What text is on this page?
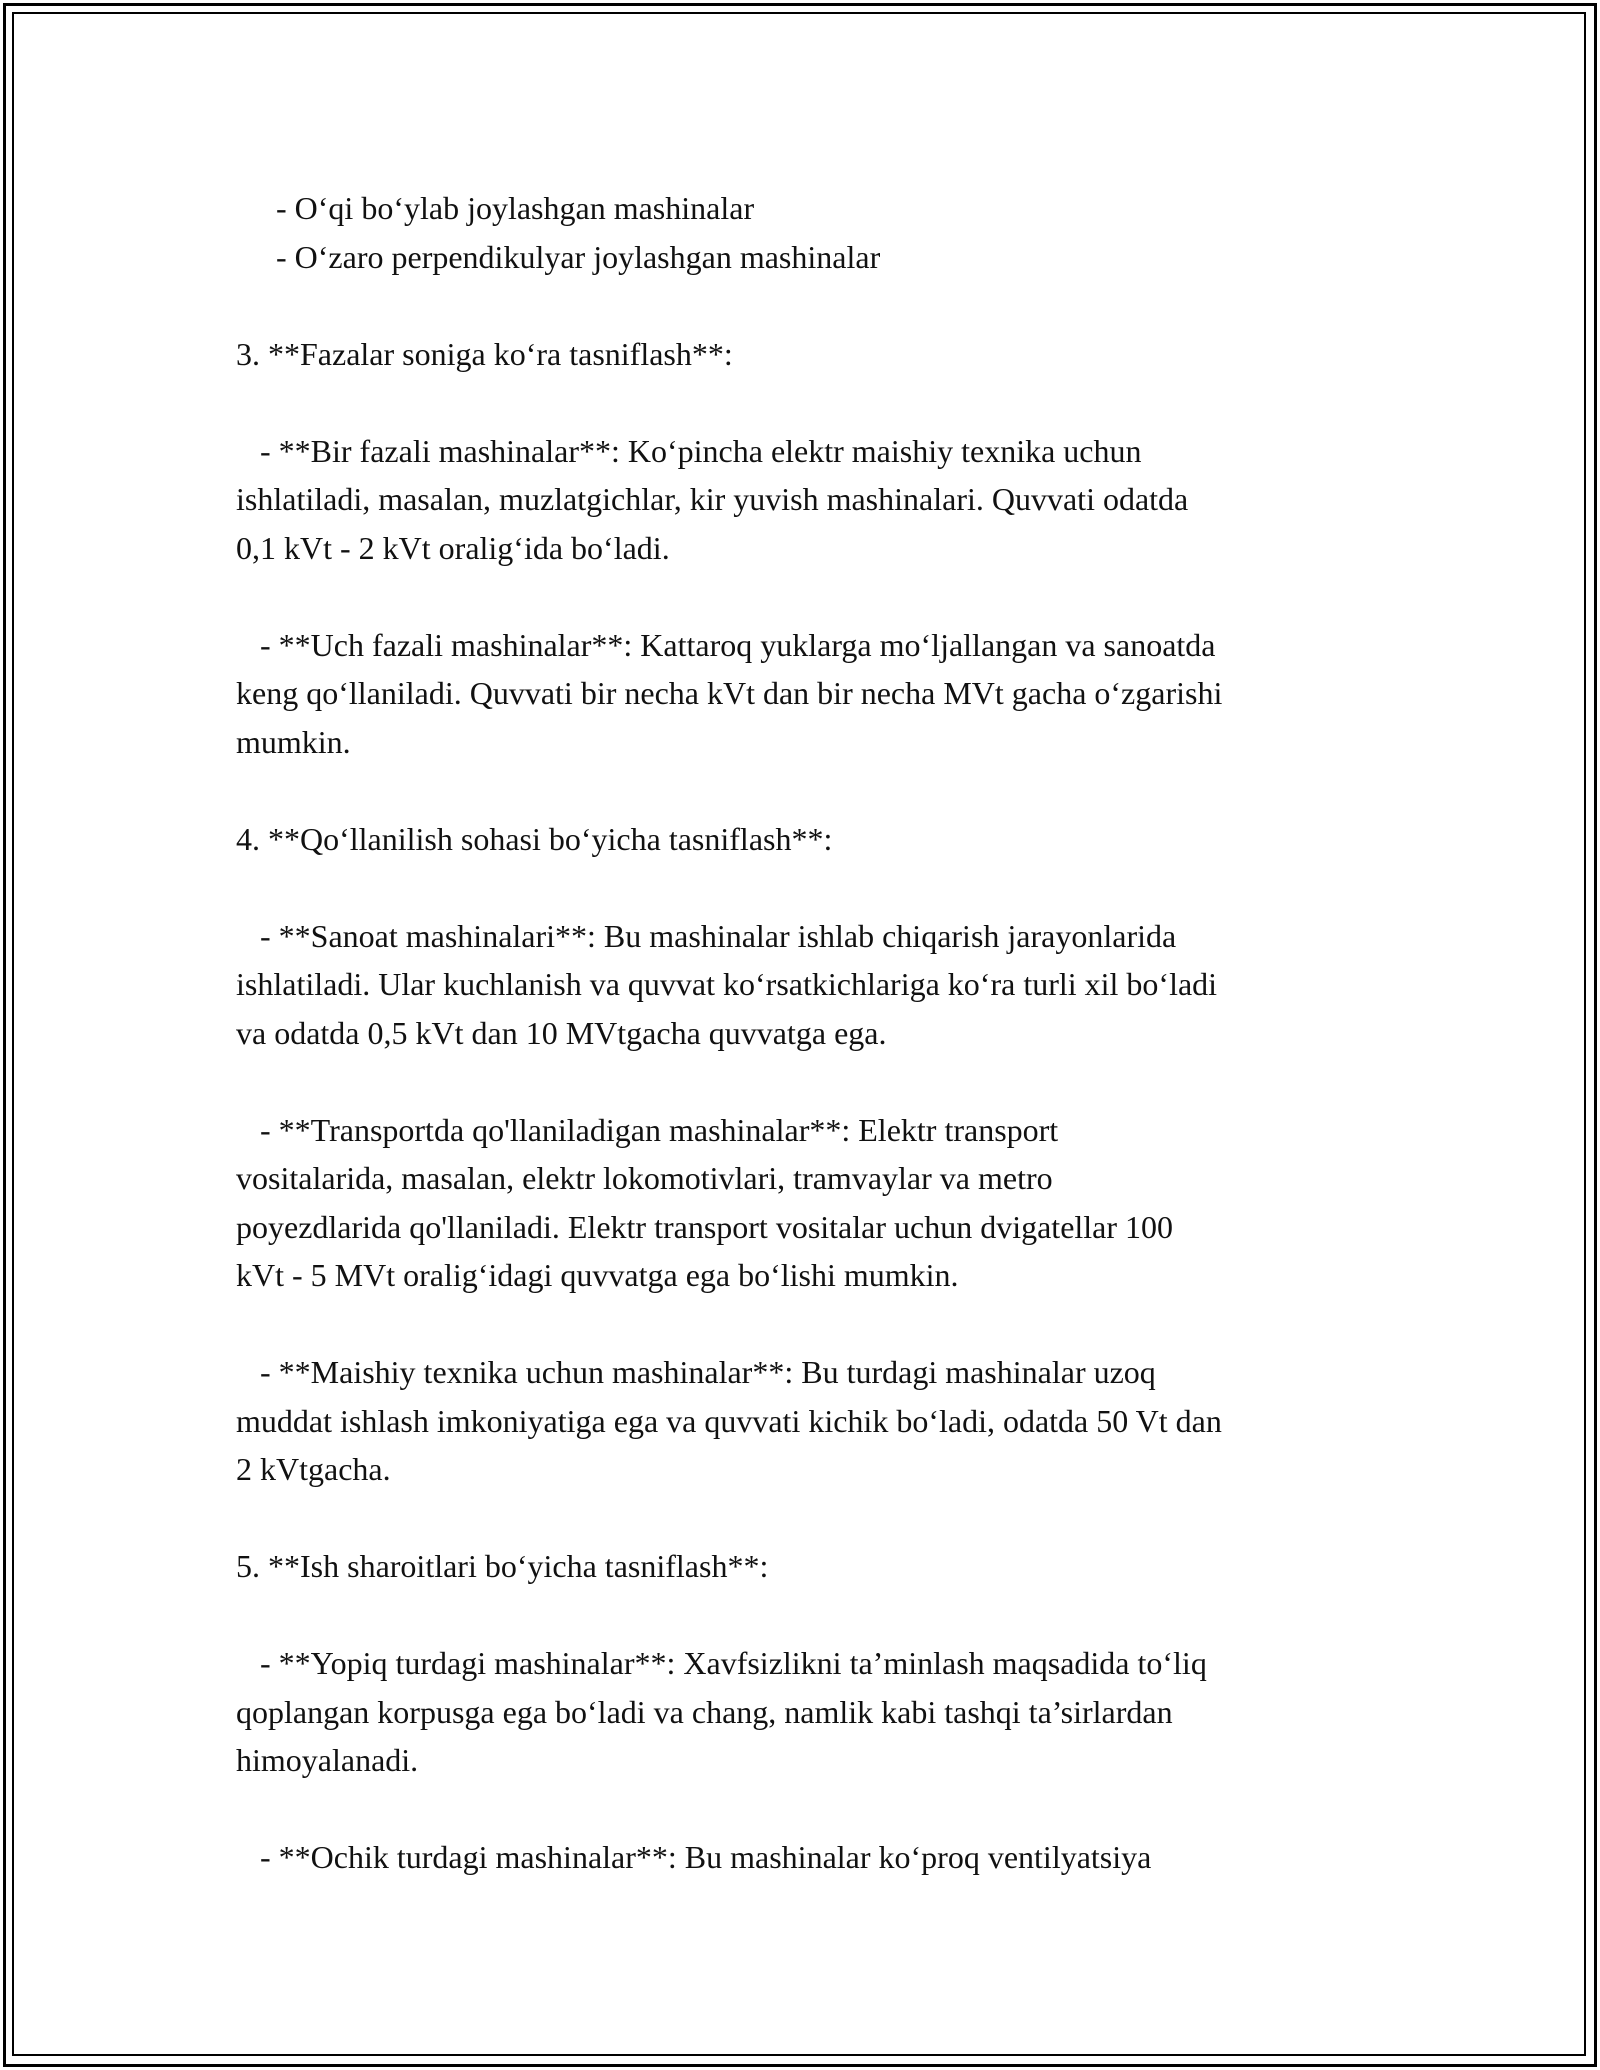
- O‘qi bo‘ylab joylashgan mashinalar
- O‘zaro perpendikulyar joylashgan mashinalar
3. **Fazalar soniga ko‘ra tasniflash**:
- **Bir fazali mashinalar**: Ko‘pincha elektr maishiy texnika uchun
ishlatiladi, masalan, muzlatgichlar, kir yuvish mashinalari. Quvvati odatda
0,1 kVt - 2 kVt oralig‘ida bo‘ladi.
- **Uch fazali mashinalar**: Kattaroq yuklarga mo‘ljallangan va sanoatda
keng qo‘llaniladi. Quvvati bir necha kVt dan bir necha MVt gacha o‘zgarishi
mumkin.
4. **Qo‘llanilish sohasi bo‘yicha tasniflash**:
- **Sanoat mashinalari**: Bu mashinalar ishlab chiqarish jarayonlarida
ishlatiladi. Ular kuchlanish va quvvat ko‘rsatkichlariga ko‘ra turli xil bo‘ladi
va odatda 0,5 kVt dan 10 MVtgacha quvvatga ega.
- **Transportda qo'llaniladigan mashinalar**: Elektr transport
vositalarida, masalan, elektr lokomotivlari, tramvaylar va metro
poyezdlarida qo'llaniladi. Elektr transport vositalar uchun dvigatellar 100
kVt - 5 MVt oralig‘idagi quvvatga ega bo‘lishi mumkin.
- **Maishiy texnika uchun mashinalar**: Bu turdagi mashinalar uzoq
muddat ishlash imkoniyatiga ega va quvvati kichik bo‘ladi, odatda 50 Vt dan
2 kVtgacha.
5. **Ish sharoitlari bo‘yicha tasniflash**:
- **Yopiq turdagi mashinalar**: Xavfsizlikni ta’minlash maqsadida to‘liq
qoplangan korpusga ega bo‘ladi va chang, namlik kabi tashqi ta’sirlardan
himoyalanadi.
- **Ochik turdagi mashinalar**: Bu mashinalar ko‘proq ventilyatsiya
